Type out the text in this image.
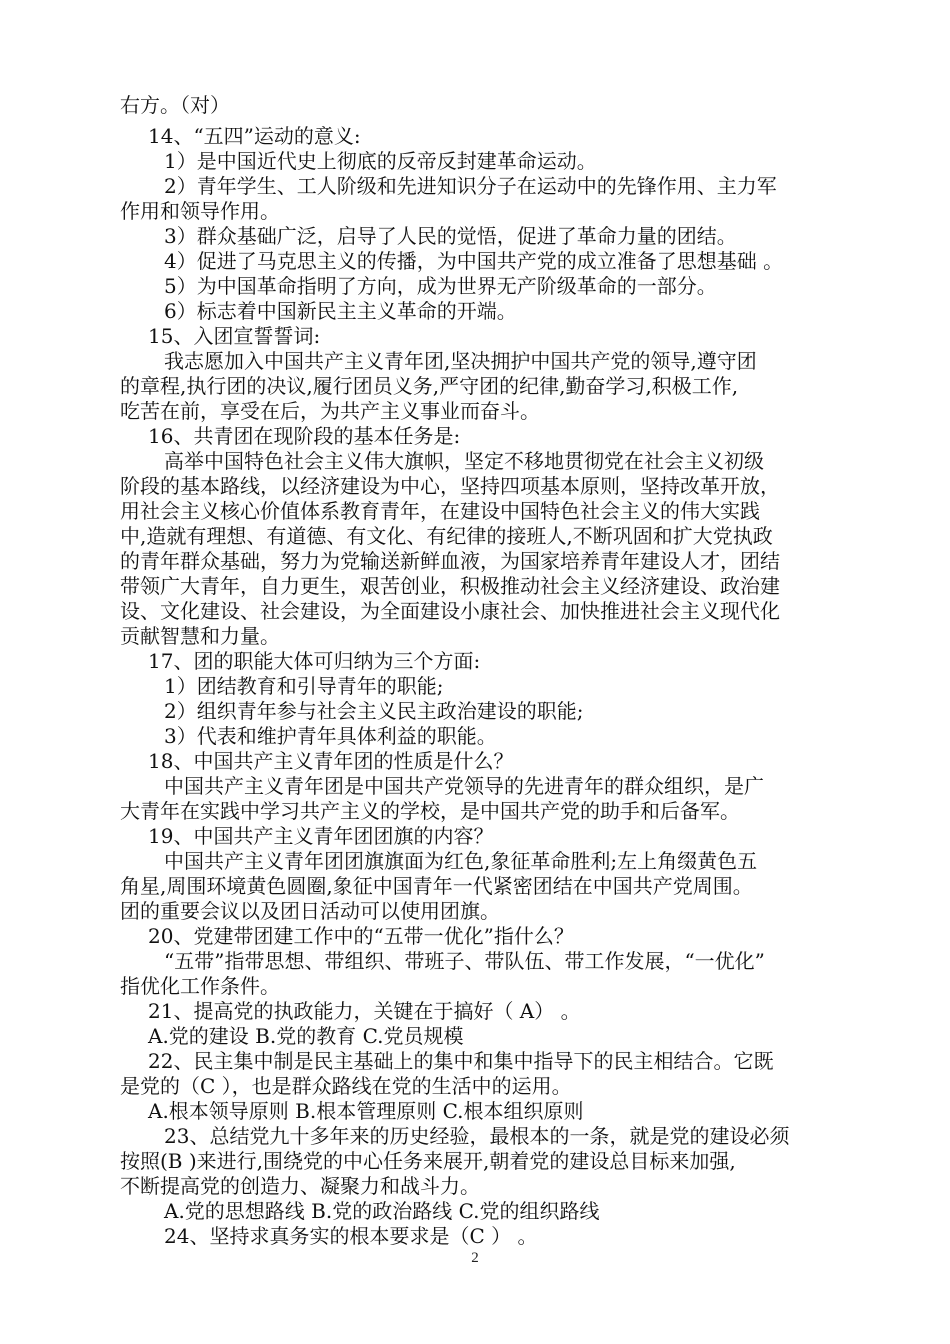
右方。（对）
14、“五四”运动的意义:
1）是中国近代史上彻底的反帝反封建革命运动。
2）青年学生、工人阶级和先进知识分子在运动中的先锋作用、主力军
作用和领导作用。
3）群众基础广泛，启导了人民的觉悟，促进了革命力量的团结。
4）促进了马克思主义的传播，为中国共产党的成立准备了思想基础 。
5）为中国革命指明了方向，成为世界无产阶级革命的一部分。
6）标志着中国新民主主义革命的开端。
15、入团宣誓誓词:
我志愿加入中国共产主义青年团,坚决拥护中国共产党的领导,遵守团
的章程,执行团的决议,履行团员义务,严守团的纪律,勤奋学习,积极工作,
吃苦在前，享受在后，为共产主义事业而奋斗。
16、共青团在现阶段的基本任务是:
高举中国特色社会主义伟大旗帜，坚定不移地贯彻党在社会主义初级
阶段的基本路线，以经济建设为中心，坚持四项基本原则，坚持改革开放，
用社会主义核心价值体系教育青年，在建设中国特色社会主义的伟大实践
中,造就有理想、有道德、有文化、有纪律的接班人,不断巩固和扩大党执政
的青年群众基础，努力为党输送新鲜血液，为国家培养青年建设人才，团结
带领广大青年，自力更生，艰苦创业，积极推动社会主义经济建设、政治建
设、文化建设、社会建设，为全面建设小康社会、加快推进社会主义现代化
贡献智慧和力量。
17、团的职能大体可归纳为三个方面:
1）团结教育和引导青年的职能;
2）组织青年参与社会主义民主政治建设的职能;
3）代表和维护青年具体利益的职能。
18、中国共产主义青年团的性质是什么？
中国共产主义青年团是中国共产党领导的先进青年的群众组织，是广
大青年在实践中学习共产主义的学校，是中国共产党的助手和后备军。
19、中国共产主义青年团团旗的内容？
中国共产主义青年团团旗旗面为红色,象征革命胜利;左上角缀黄色五
角星,周围环境黄色圆圈,象征中国青年一代紧密团结在中国共产党周围。
团的重要会议以及团日活动可以使用团旗。
20、党建带团建工作中的“五带一优化”指什么？
“五带”指带思想、带组织、带班子、带队伍、带工作发展，“一优化”
指优化工作条件。
21、提高党的执政能力，关键在于搞好（ A） 。
A.党的建设 B.党的教育 C.党员规模
22、民主集中制是民主基础上的集中和集中指导下的民主相结合。它既
是党的（C ），也是群众路线在党的生活中的运用。
A.根本领导原则 B.根本管理原则 C.根本组织原则
23、总结党九十多年来的历史经验，最根本的一条，就是党的建设必须
按照(B )来进行,围绕党的中心任务来展开,朝着党的建设总目标来加强,
不断提高党的创造力、凝聚力和战斗力。
A.党的思想路线 B.党的政治路线 C.党的组织路线
24、坚持求真务实的根本要求是（C ） 。
2
